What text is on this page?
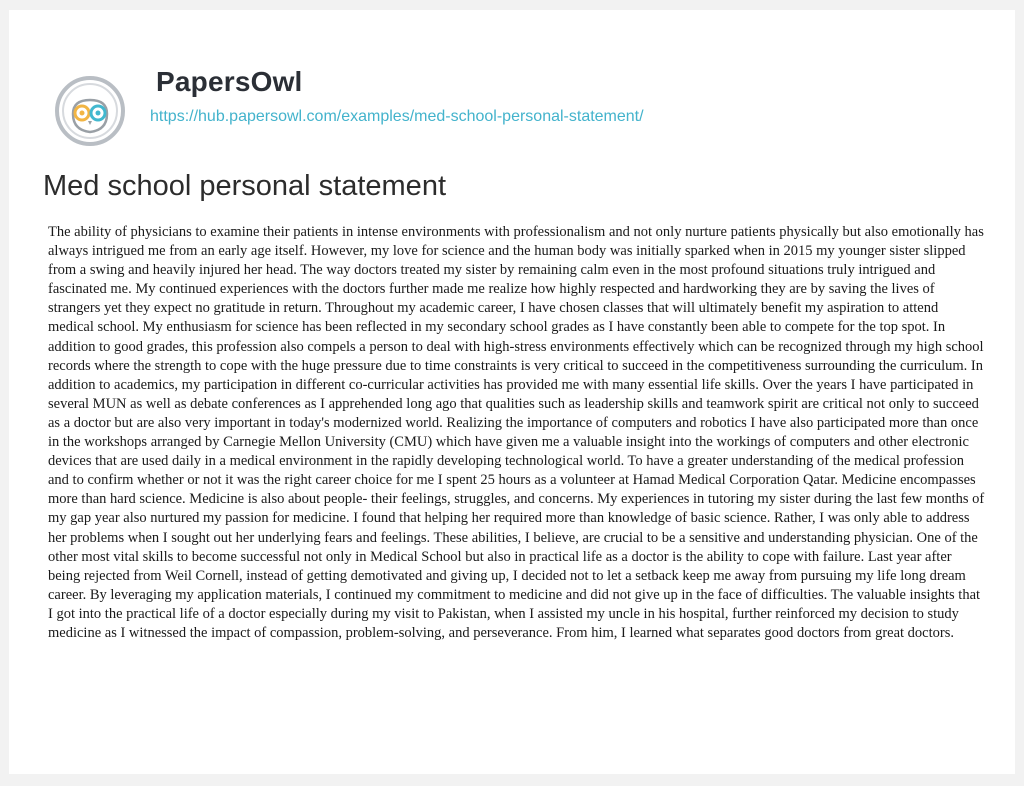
PapersOwl
https://hub.papersowl.com/examples/med-school-personal-statement/
Med school personal statement

The ability of physicians to examine their patients in intense environments with professionalism and not only nurture patients physically but also emotionally has always intrigued me from an early age itself. However, my love for science and the human body was initially sparked when in 2015 my younger sister slipped from a swing and heavily injured her head. The way doctors treated my sister by remaining calm even in the most profound situations truly intrigued and fascinated me. My continued experiences with the doctors further made me realize how highly respected and hardworking they are by saving the lives of strangers yet they expect no gratitude in return. Throughout my academic career, I have chosen classes that will ultimately benefit my aspiration to attend medical school. My enthusiasm for science has been reflected in my secondary school grades as I have constantly been able to compete for the top spot. In addition to good grades, this profession also compels a person to deal with high-stress environments effectively which can be recognized through my high school records where the strength to cope with the huge pressure due to time constraints is very critical to succeed in the competitiveness surrounding the curriculum. In addition to academics, my participation in different co-curricular activities has provided me with many essential life skills. Over the years I have participated in several MUN as well as debate conferences as I apprehended long ago that qualities such as leadership skills and teamwork spirit are critical not only to succeed as a doctor but are also very important in today's modernized world. Realizing the importance of computers and robotics I have also participated more than once in the workshops arranged by Carnegie Mellon University (CMU) which have given me a valuable insight into the workings of computers and other electronic devices that are used daily in a medical environment in the rapidly developing technological world. To have a greater understanding of the medical profession and to confirm whether or not it was the right career choice for me I spent 25 hours as a volunteer at Hamad Medical Corporation Qatar. Medicine encompasses more than hard science. Medicine is also about people- their feelings, struggles, and concerns. My experiences in tutoring my sister during the last few months of my gap year also nurtured my passion for medicine. I found that helping her required more than knowledge of basic science. Rather, I was only able to address her problems when I sought out her underlying fears and feelings. These abilities, I believe, are crucial to be a sensitive and understanding physician. One of the other most vital skills to become successful not only in Medical School but also in practical life as a doctor is the ability to cope with failure. Last year after being rejected from Weil Cornell, instead of getting demotivated and giving up, I decided not to let a setback keep me away from pursuing my life long dream career. By leveraging my application materials, I continued my commitment to medicine and did not give up in the face of difficulties. The valuable insights that I got into the practical life of a doctor especially during my visit to Pakistan, when I assisted my uncle in his hospital, further reinforced my decision to study medicine as I witnessed the impact of compassion, problem-solving, and perseverance. From him, I learned what separates good doctors from great doctors.
